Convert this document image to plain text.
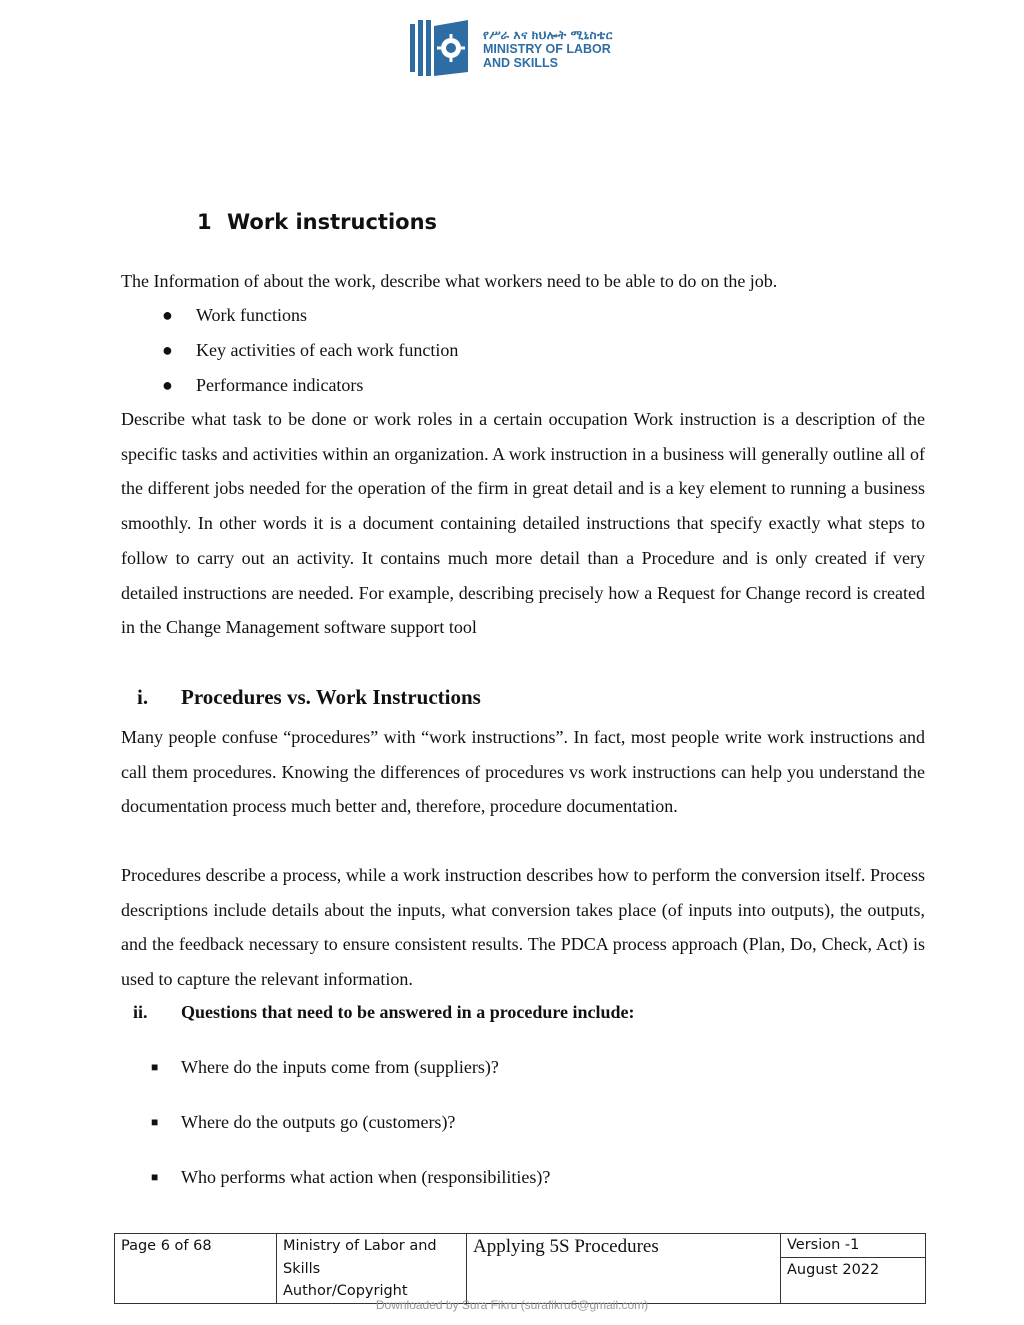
የሥራ እና ክህሎት ሚኒስቴር
MINISTRY OF LABOR
AND SKILLS
1 Work instructions
The Information of about the work, describe what workers need to be able to do on the job.
● Work functions
● Key activities of each work function
● Performance indicators
Describe what task to be done or work roles in a certain occupation Work instruction is a description of the specific tasks and activities within an organization. A work instruction in a business will generally outline all of the different jobs needed for the operation of the firm in great detail and is a key element to running a business smoothly. In other words it is a document containing detailed instructions that specify exactly what steps to follow to carry out an activity. It contains much more detail than a Procedure and is only created if very detailed instructions are needed. For example, describing precisely how a Request for Change record is created in the Change Management software support tool
i. Procedures vs. Work Instructions
Many people confuse “procedures” with “work instructions”. In fact, most people write work instructions and call them procedures. Knowing the differences of procedures vs work instructions can help you understand the documentation process much better and, therefore, procedure documentation.
Procedures describe a process, while a work instruction describes how to perform the conversion itself. Process descriptions include details about the inputs, what conversion takes place (of inputs into outputs), the outputs, and the feedback necessary to ensure consistent results. The PDCA process approach (Plan, Do, Check, Act) is used to capture the relevant information.
ii. Questions that need to be answered in a procedure include:
■ Where do the inputs come from (suppliers)?
■ Where do the outputs go (customers)?
■ Who performs what action when (responsibilities)?
Page 6 of 68	Ministry of Labor and
Skills
Author/Copyright
Applying 5S Procedures	Version -1
August 2022
Downloaded by Sura Fikru (surafikru6@gmail.com)
